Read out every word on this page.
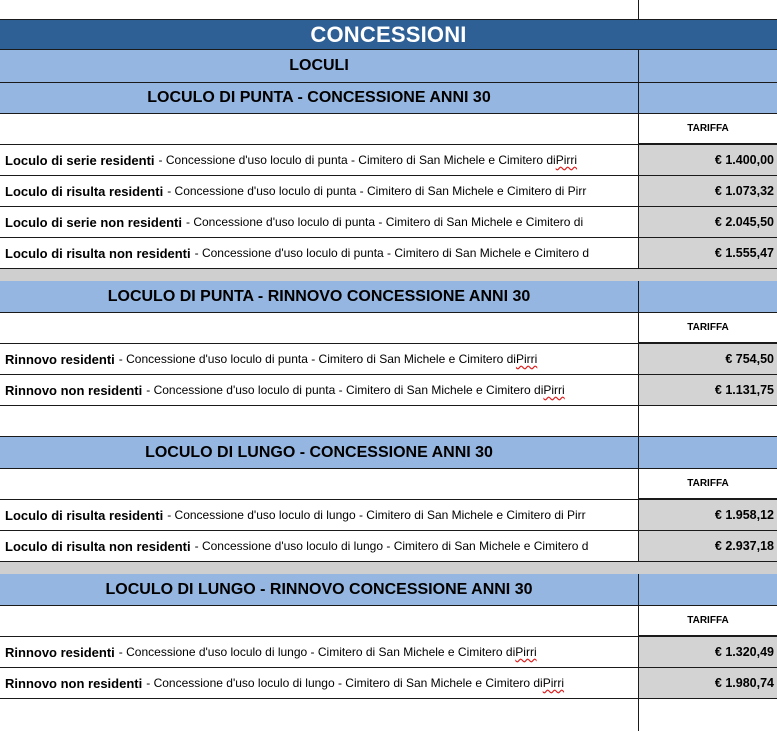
CONCESSIONI
LOCULI
LOCULO DI PUNTA - CONCESSIONE ANNI 30
TARIFFA
Loculo di serie residenti - Concessione d'uso loculo di punta - Cimitero di San Michele e Cimitero di Pirri	€ 1.400,00
Loculo di risulta residenti - Concessione d'uso loculo di punta - Cimitero di San Michele e Cimitero di Pirr	€ 1.073,32
Loculo di serie non residenti - Concessione d'uso loculo di punta - Cimitero di San Michele e Cimitero di	€ 2.045,50
Loculo di risulta non residenti - Concessione d'uso loculo di punta - Cimitero di San Michele e Cimitero d	€ 1.555,47
LOCULO DI PUNTA - RINNOVO CONCESSIONE ANNI 30
TARIFFA
Rinnovo residenti - Concessione d'uso loculo di punta - Cimitero di San Michele e Cimitero di Pirri	€ 754,50
Rinnovo non residenti - Concessione d'uso loculo di punta - Cimitero di San Michele e Cimitero di Pirri	€ 1.131,75
LOCULO DI LUNGO - CONCESSIONE ANNI 30
TARIFFA
Loculo di risulta residenti - Concessione d'uso loculo di lungo - Cimitero di San Michele e Cimitero di Pirr	€ 1.958,12
Loculo di risulta non residenti - Concessione d'uso loculo di lungo - Cimitero di San Michele e Cimitero d	€ 2.937,18
LOCULO DI LUNGO - RINNOVO CONCESSIONE ANNI 30
TARIFFA
Rinnovo residenti - Concessione d'uso loculo di lungo - Cimitero di San Michele e Cimitero di Pirri	€ 1.320,49
Rinnovo non residenti - Concessione d'uso loculo di lungo - Cimitero di San Michele e Cimitero di Pirri	€ 1.980,74
